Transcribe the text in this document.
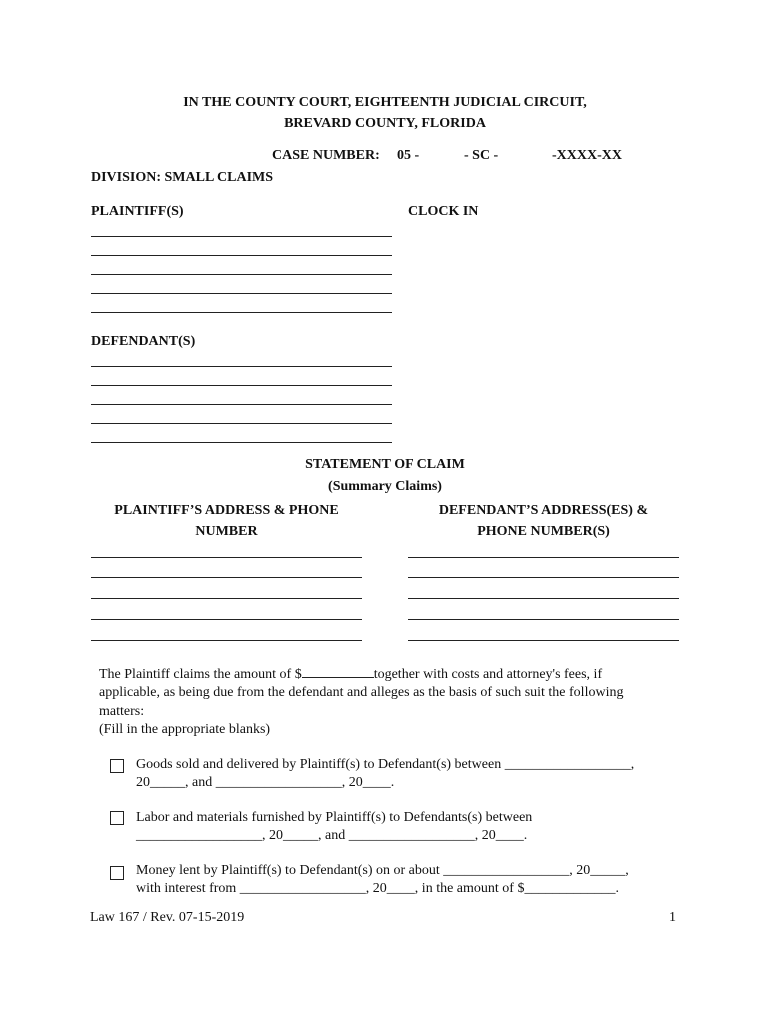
IN THE COUNTY COURT, EIGHTEENTH JUDICIAL CIRCUIT,
BREVARD COUNTY, FLORIDA
CASE NUMBER: 05 -	- SC -	-XXXX-XX
DIVISION: SMALL CLAIMS
PLAINTIFF(S)	CLOCK IN
DEFENDANT(S)
STATEMENT OF CLAIM
(Summary Claims)
PLAINTIFF’S ADDRESS & PHONE
NUMBER
DEFENDANT’S ADDRESS(ES) &
PHONE NUMBER(S)
The Plaintiff claims the amount of $	together with costs and attorney's fees, if
applicable, as being due from the defendant and alleges as the basis of such suit the following
matters:
(Fill in the appropriate blanks)
Goods sold and delivered by Plaintiff(s) to Defendant(s) between __________________,
20_____, and __________________, 20____.
Labor and materials furnished by Plaintiff(s) to Defendants(s) between
__________________, 20_____, and __________________, 20____.
Money lent by Plaintiff(s) to Defendant(s) on or about __________________, 20_____,
with interest from __________________, 20____, in the amount of $_____________.
Law 167 / Rev. 07-15-2019	1
